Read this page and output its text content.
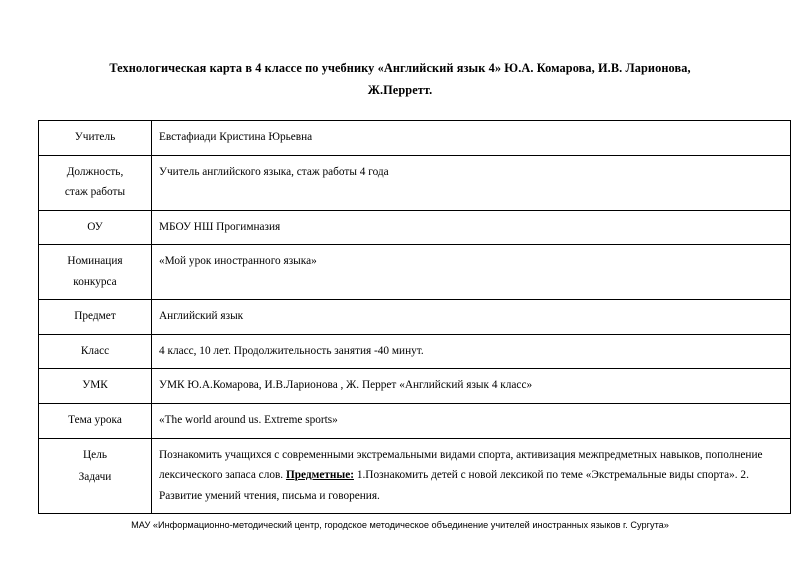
Технологическая карта в 4 классе по учебнику «Английский язык 4» Ю.А. Комарова, И.В. Ларионова,
Ж.Перретт.
Учитель	Евстафиади Кристина Юрьевна

Должность,
стаж работы	Учитель английского языка, стаж работы 4 года
ОУ	МБОУ НШ Прогимназия

Номинация
конкурса	«Мой урок иностранного языка»
Предмет	Английский язык
Класс	4 класс, 10 лет. Продолжительность занятия -40 минут.
УМК	УМК Ю.А.Комарова, И.В.Ларионова , Ж. Перрет «Английский язык 4 класс»
Тема урока	«The world around us. Extreme sports»

Цель
Задачи	Познакомить учащихся с современными экстремальными видами спорта, активизация межпредметных навыков, пополнение лексического запаса слов. Предметные: 1.Познакомить детей с новой лексикой по теме «Экстремальные виды спорта». 2. Развитие умений чтения, письма и говорения.
МАУ «Информационно-методический центр, городское методическое объединение учителей иностранных языков г. Сургута»
